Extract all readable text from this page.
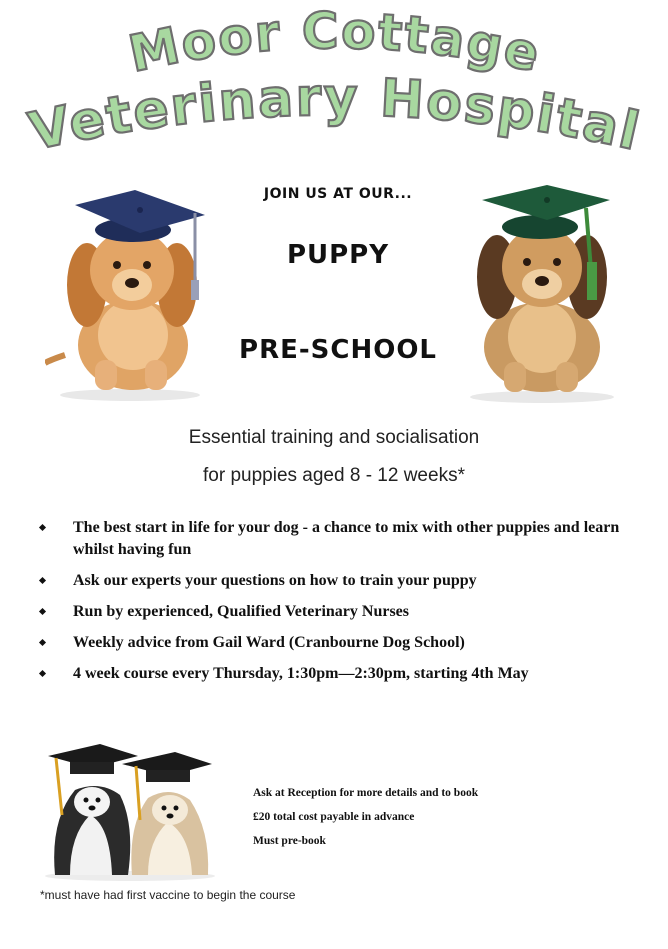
Moor Cottage
Veterinary Hospital
JOIN US AT OUR...
PUPPY
PRE-SCHOOL
Essential training and socialisation
for puppies aged 8 - 12 weeks*
The best start in life for your dog - a chance to mix with other puppies and learn whilst having fun
Ask our experts your questions on how to train your puppy
Run by experienced, Qualified Veterinary Nurses
Weekly advice from Gail Ward (Cranbourne Dog School)
4 week course every Thursday, 1:30pm—2:30pm, starting 4th May
Ask at Reception for more details and to book
£20 total cost payable in advance
Must pre-book
*must have had first vaccine to begin the course
